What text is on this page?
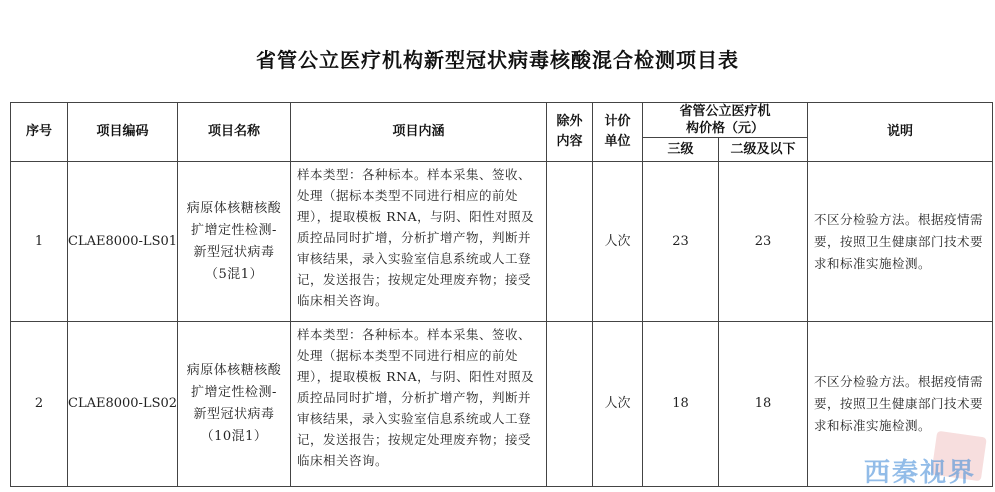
省管公立医疗机构新型冠状病毒核酸混合检测项目表
序号	项目编码	项目名称	项目内涵	除外内容	计价单位	省管公立医疗机构价格（元）		说明
						三级	二级及以下	
1	CLAE8000-LS01	病原体核糖核酸扩增定性检测-新型冠状病毒（5混1）	样本类型：各种标本。样本采集、签收、处理（据标本类型不同进行相应的前处理），提取模板 RNA，与阴、阳性对照及质控品同时扩增，分析扩增产物，判断并审核结果，录入实验室信息系统或人工登记，发送报告；按规定处理废弃物；接受临床相关咨询。		人次	23	23	不区分检验方法。根据疫情需要，按照卫生健康部门技术要求和标准实施检测。
2	CLAE8000-LS02	病原体核糖核酸扩增定性检测-新型冠状病毒（10混1）	样本类型：各种标本。样本采集、签收、处理（据标本类型不同进行相应的前处理），提取模板 RNA，与阴、阳性对照及质控品同时扩增，分析扩增产物，判断并审核结果，录入实验室信息系统或人工登记，发送报告；按规定处理废弃物；接受临床相关咨询。		人次	18	18	不区分检验方法。根据疫情需要，按照卫生健康部门技术要求和标准实施检测。
西秦视界
